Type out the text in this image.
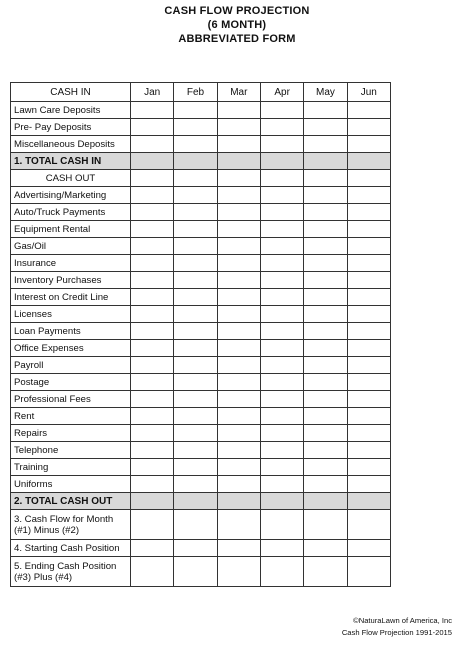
CASH FLOW PROJECTION
(6 MONTH)
ABBREVIATED FORM
CASH IN	Jan	Feb	Mar	Apr	May	Jun

Lawn Care Deposits						

Pre- Pay Deposits						

Miscellaneous Deposits						

1. TOTAL CASH IN						

CASH OUT						

Advertising/Marketing						

Auto/Truck Payments						

Equipment Rental						

Gas/Oil						

Insurance						

Inventory Purchases						

Interest on Credit Line						

Licenses						

Loan Payments						

Office Expenses						

Payroll						

Postage						

Professional Fees						

Rent						

Repairs						

Telephone						

Training						

Uniforms						

2. TOTAL CASH OUT						

3. Cash Flow for Month
(#1) Minus (#2)						

4. Starting Cash Position						

5. Ending Cash Position
(#3) Plus (#4)						

©NaturaLawn of America, Inc
Cash Flow Projection 1991-2015
